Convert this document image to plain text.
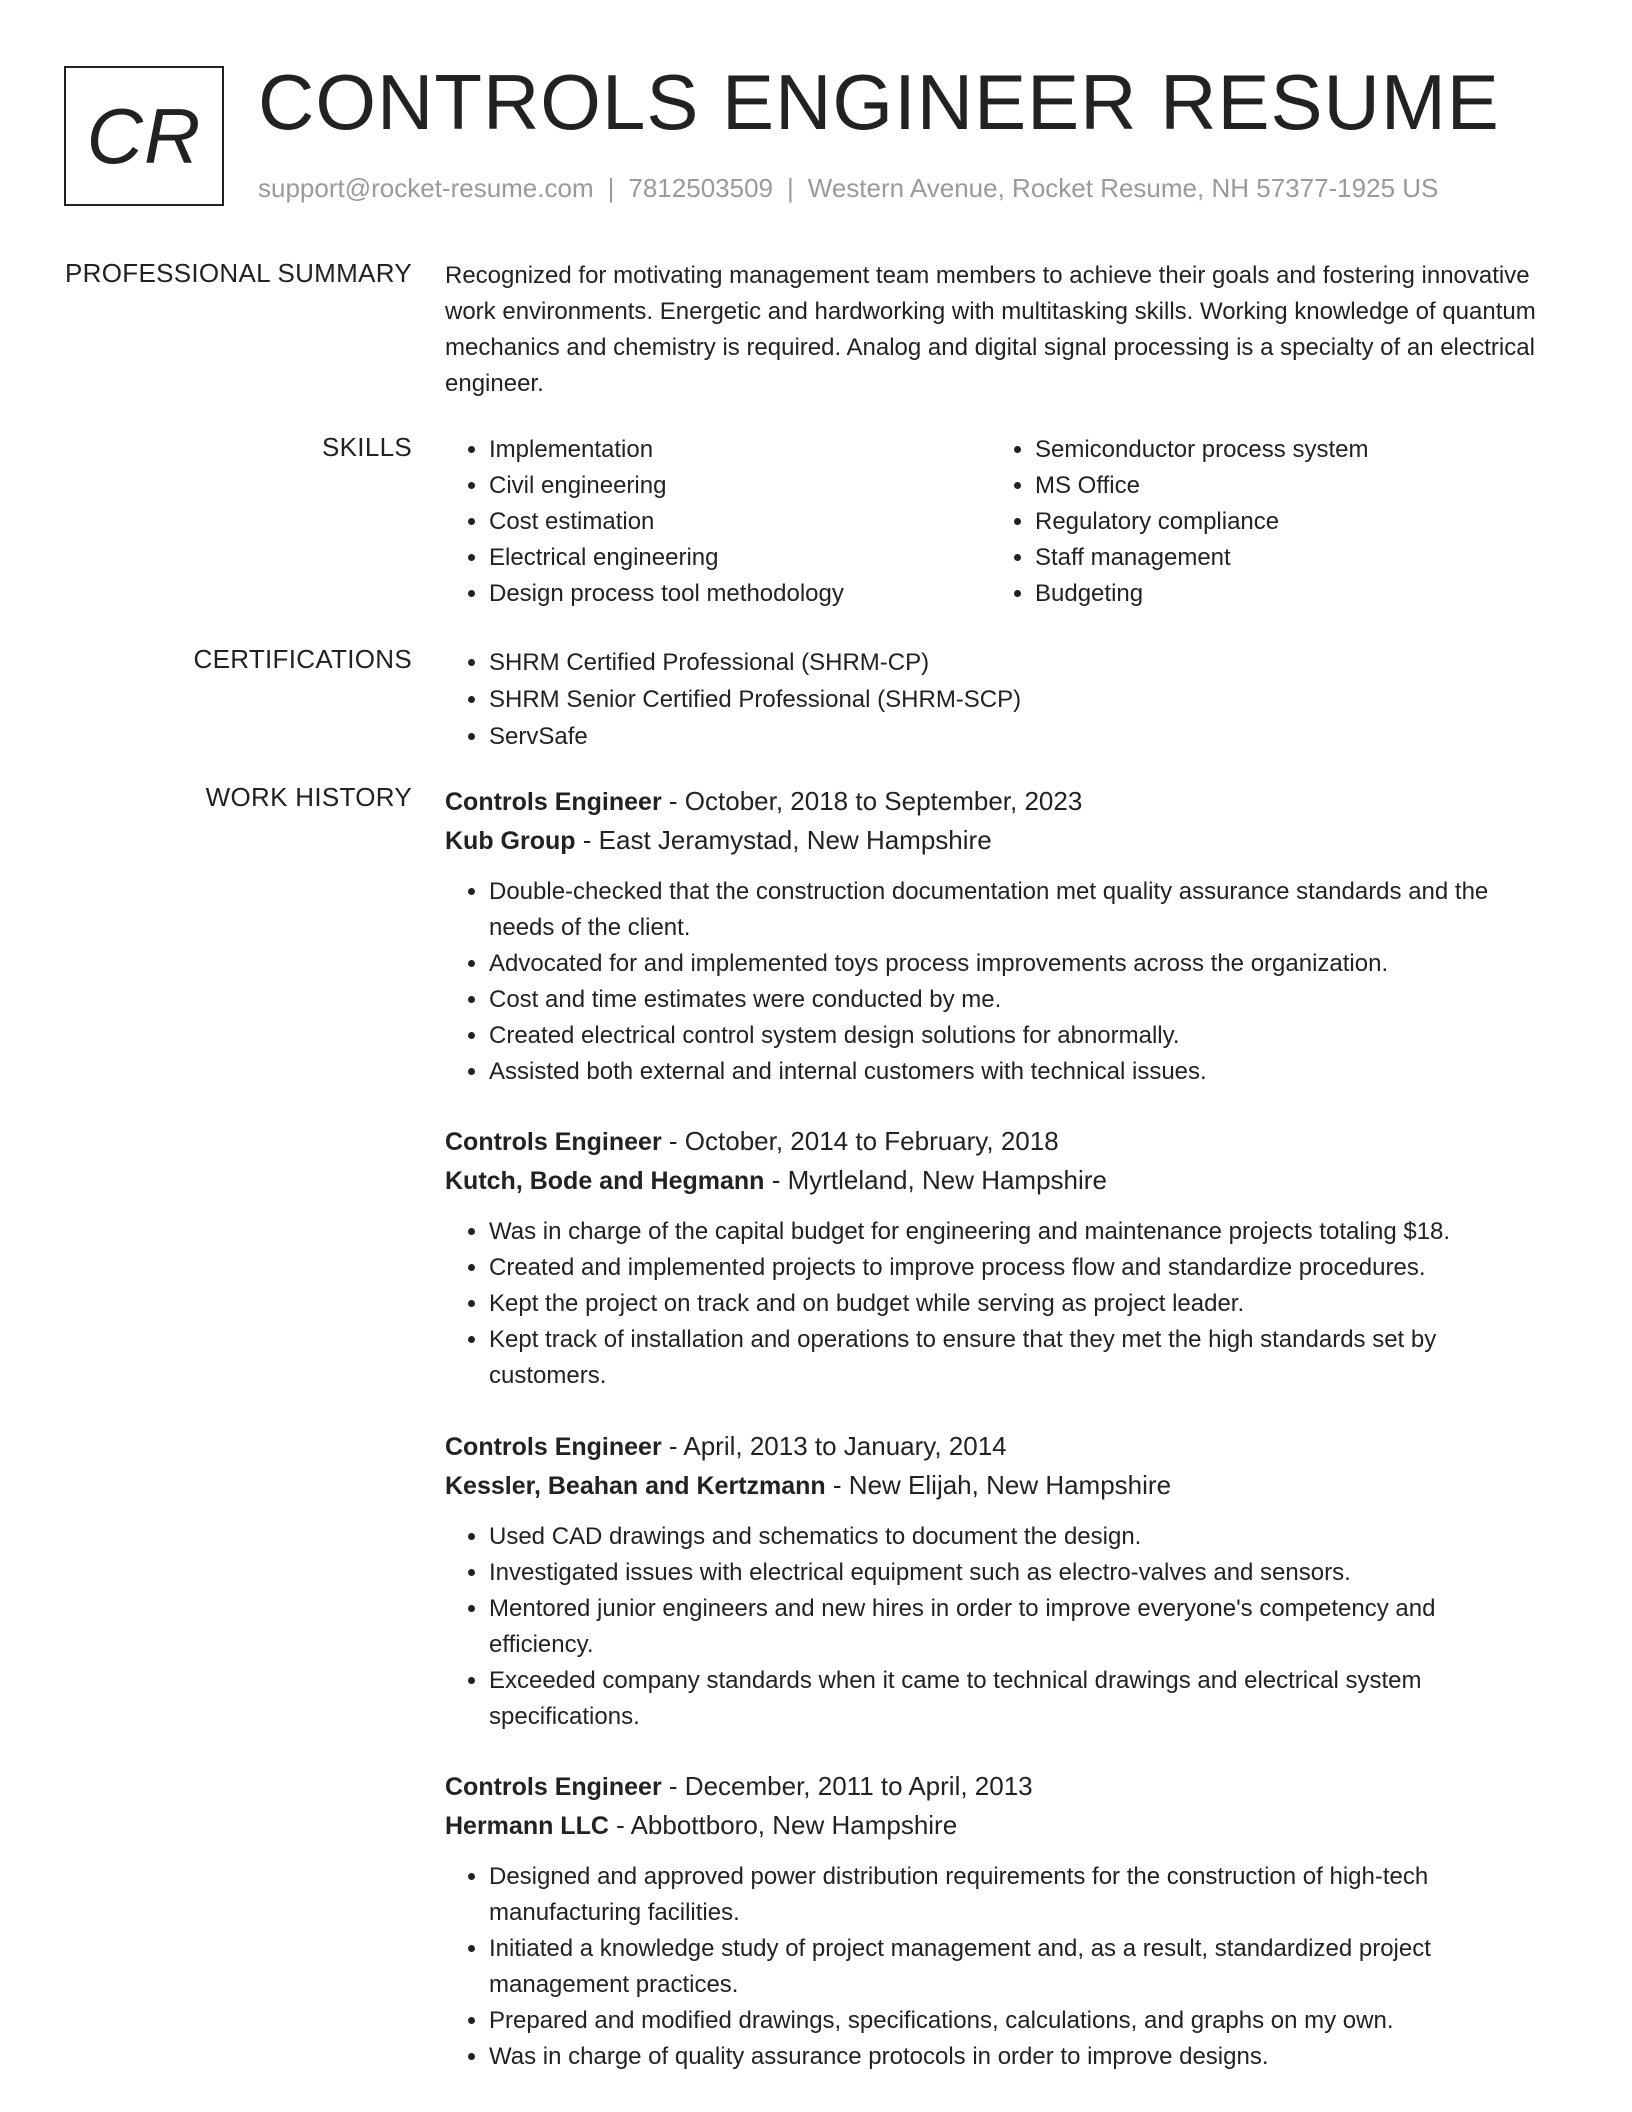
CR CONTROLS ENGINEER RESUME
support@rocket-resume.com | 7812503509 | Western Avenue, Rocket Resume, NH 57377-1925 US
PROFESSIONAL SUMMARY Recognized for motivating management team members to achieve their goals and fostering innovative work environments. Energetic and hardworking with multitasking skills. Working knowledge of quantum mechanics and chemistry is required. Analog and digital signal processing is a specialty of an electrical engineer.
SKILLS	• Implementation
• Civil engineering
• Cost estimation
• Electrical engineering
• Design process tool methodology
• Semiconductor process system
• MS Office
• Regulatory compliance
• Staff management
• Budgeting
CERTIFICATIONS	• SHRM Certified Professional (SHRM-CP)
• SHRM Senior Certified Professional (SHRM-SCP)
• ServSafe
WORK HISTORY Controls Engineer - October, 2018 to September, 2023
Kub Group - East Jeramystad, New Hampshire
• Double-checked that the construction documentation met quality assurance standards and the needs of the client.
• Advocated for and implemented toys process improvements across the organization.
• Cost and time estimates were conducted by me.
• Created electrical control system design solutions for abnormally.
• Assisted both external and internal customers with technical issues.
Controls Engineer - October, 2014 to February, 2018
Kutch, Bode and Hegmann - Myrtleland, New Hampshire
• Was in charge of the capital budget for engineering and maintenance projects totaling $18.
• Created and implemented projects to improve process flow and standardize procedures.
• Kept the project on track and on budget while serving as project leader.
• Kept track of installation and operations to ensure that they met the high standards set by customers.
Controls Engineer - April, 2013 to January, 2014
Kessler, Beahan and Kertzmann - New Elijah, New Hampshire
• Used CAD drawings and schematics to document the design.
• Investigated issues with electrical equipment such as electro-valves and sensors.
• Mentored junior engineers and new hires in order to improve everyone's competency and efficiency.
• Exceeded company standards when it came to technical drawings and electrical system specifications.
Controls Engineer - December, 2011 to April, 2013
Hermann LLC - Abbottboro, New Hampshire
• Designed and approved power distribution requirements for the construction of high-tech manufacturing facilities.
• Initiated a knowledge study of project management and, as a result, standardized project management practices.
• Prepared and modified drawings, specifications, calculations, and graphs on my own.
• Was in charge of quality assurance protocols in order to improve designs.
